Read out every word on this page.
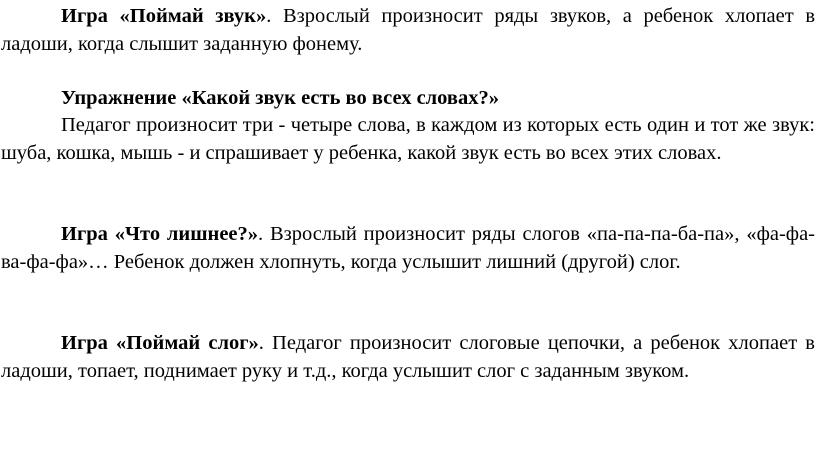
Игра «Поймай звук». Взрослый произносит ряды звуков, а ребенок хлопает в ладоши, когда слышит заданную фонему.

Упражнение «Какой звук есть во всех словах?»

Педагог произносит три - четыре слова, в каждом из которых есть один и тот же звук: шуба, кошка, мышь - и спрашивает у ребенка, какой звук есть во всех этих словах.

Игра «Что лишнее?». Взрослый произносит ряды слогов «па-па-па-ба-па», «фа-фа-ва-фа-фа»… Ребенок должен хлопнуть, когда услышит лишний (другой) слог.

Игра «Поймай слог». Педагог произносит слоговые цепочки, а ребенок хлопает в ладоши, топает, поднимает руку и т.д., когда услышит слог с заданным звуком.
